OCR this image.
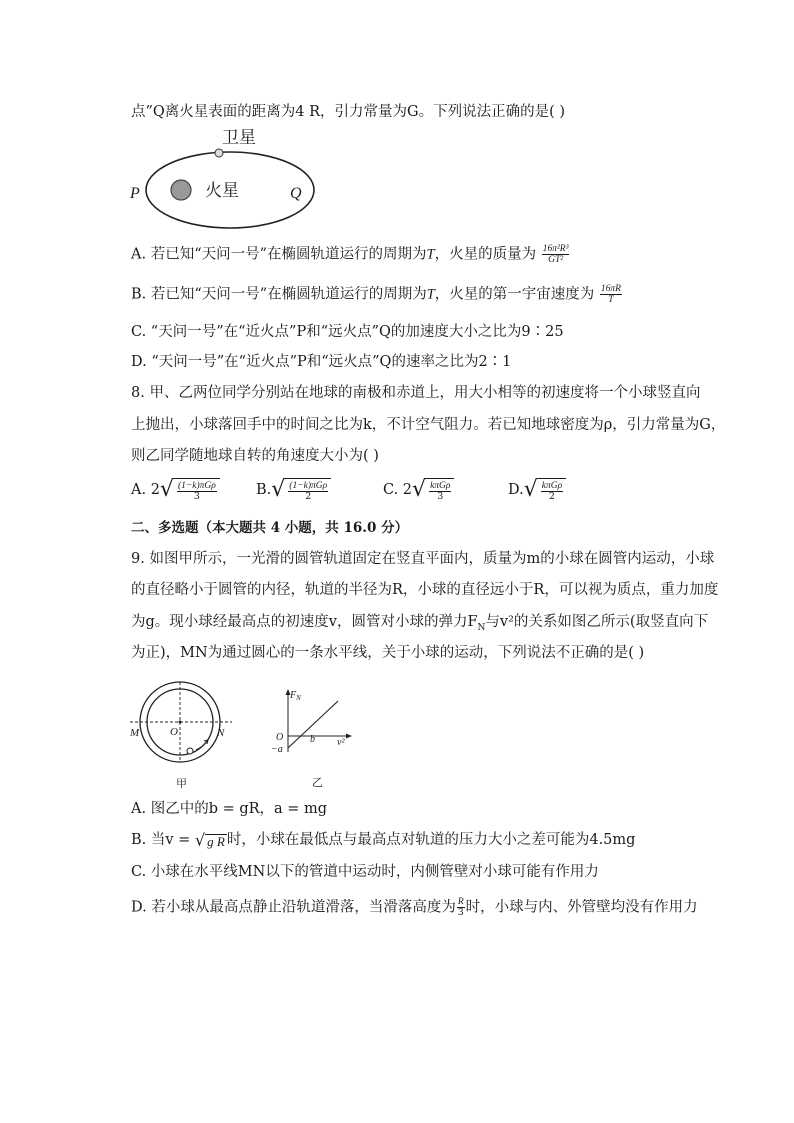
点”Q离火星表面的距离为4 R，引力常量为G。下列说法正确的是( )
卫星
火星
P	Q
A. 若已知“天问一号”在椭圆轨道运行的周期为T，火星的质量为 $\frac{\text{16π²R³}}{\text{GT²}}$
B. 若已知“天问一号”在椭圆轨道运行的周期为T，火星的第一宇宙速度为 $\frac{16\pi R}{T}$
C. “天问一号”在“近火点”P和“远火点”Q的加速度大小之比为9∶25
D. “天问一号”在“近火点”P和“远火点”Q的速率之比为2∶1
8. 甲、乙两位同学分别站在地球的南极和赤道上，用大小相等的初速度将一个小球竖直向
上抛出，小球落回手中的时间之比为k，不计空气阻力。若已知地球密度为ρ，引力常量为G，
则乙同学随地球自转的角速度大小为( )
A. $2√ \frac{\text{(1−k)πGρ}}{3}$	$B.√ \frac{\text{(1−k)πGρ}}{2}$	C. $2√ \frac{\text{kπGρ}}{3}$	$D.√ \frac{\text{kπGρ}}{2}$
二、多选题（本大题共 4 小题，共 16.0 分）
9. 如图甲所示，一光滑的圆管轨道固定在竖直平面内，质量为m的小球在圆管内运动，小球
的直径略小于圆管的内径，轨道的半径为R，小球的直径远小于R，可以视为质点，重力加度
为g。现小球经最高点的初速度v，圆管对小球的弹力$F_N$与v²的关系如图乙所示(取竖直向下
为正)，MN为通过圆心的一条水平线，关于小球的运动，下列说法不正确的是( )
M	N
O
甲
$F_N$
O
−a
b v²
乙
A. 图乙中的b = gR，a = mg
B. 当v = √ g R 时，小球在最低点与最高点对轨道的压力大小之差可能为4.5mg
C. 小球在水平线MN以下的管道中运动时，内侧管壁对小球可能有作用力
D. 若小球从最高点静止沿轨道滑落，当滑落高度为 $\frac{R}{3}$ 时，小球与内、外管壁均没有作用力
